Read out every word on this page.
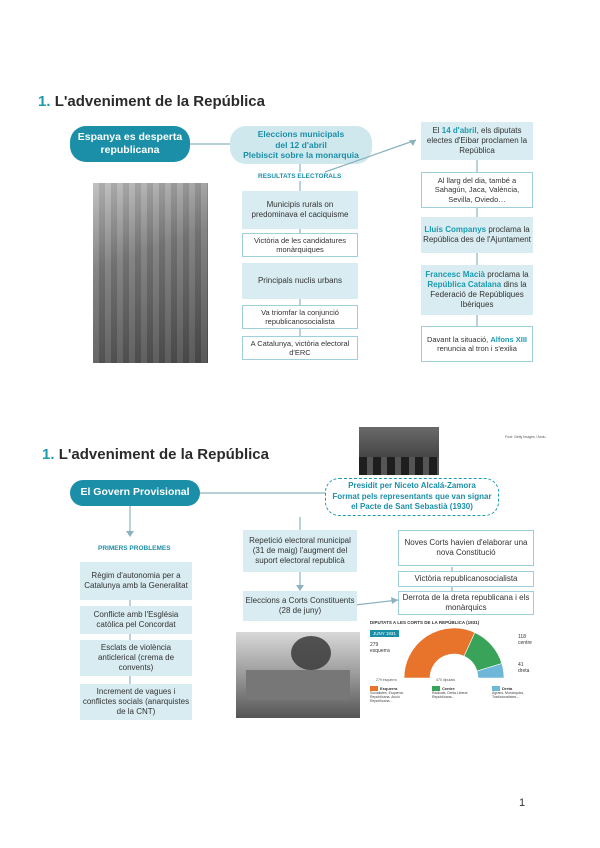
1. L'adveniment de la República
Espanya es desperta republicana
Eleccions municipals
del 12 d'abril
Plebiscit sobre la monarquia
RESULTATS ELECTORALS
Municipis rurals on predominava el caciquisme
Victòria de les candidatures monàrquiques
Principals nuclis urbans
Va triomfar la conjunció republicanosocialista
A Catalunya, victòria electoral d'ERC
El 14 d'abril, els diputats electes d'Eibar proclamen la República
Al llarg del dia, també a Sahagún, Jaca, València, Sevilla, Oviedo…
Lluís Companys proclama la República des de l'Ajuntament
Francesc Macià proclama la República Catalana dins la Federació de Repúbliques Ibèriques
Davant la situació, Alfons XIII renuncia al tron i s'exilia
1. L'adveniment de la República
Font: Getty Images / Arxiu
El Govern Provisional
Presidit per Niceto Alcalá-Zamora
Format pels representants que van signar
el Pacte de Sant Sebastià (1930)
PRIMERS PROBLEMES
Règim d'autonomia per a Catalunya amb la Generalitat
Conflicte amb l'Església catòlica pel Concordat
Esclats de violència anticlerical (crema de convents)
Increment de vagues i conflictes socials (anarquistes de la CNT)
Repetició electoral municipal (31 de maig) l'augment del suport electoral republicà
Eleccions a Corts Constituents (28 de juny)
Noves Corts havien d'elaborar una nova Constitució
Victòria republicanosocialista
Derrota de la dreta republicana i els monàrquics
DIPUTATS A LES CORTS DE LA REPÚBLICA (1931)
JUNY 1931
279
esquerra
118
centre
41
dreta
279 esquerra	470 diputats
Esquerra
Socialistes, Esquerra Republicana, Acció Republicana...
Centre
Radicals, Dreta Liberal Republicana...
Dreta
Agraris, Monàrquics, Tradicionalistes...
1
